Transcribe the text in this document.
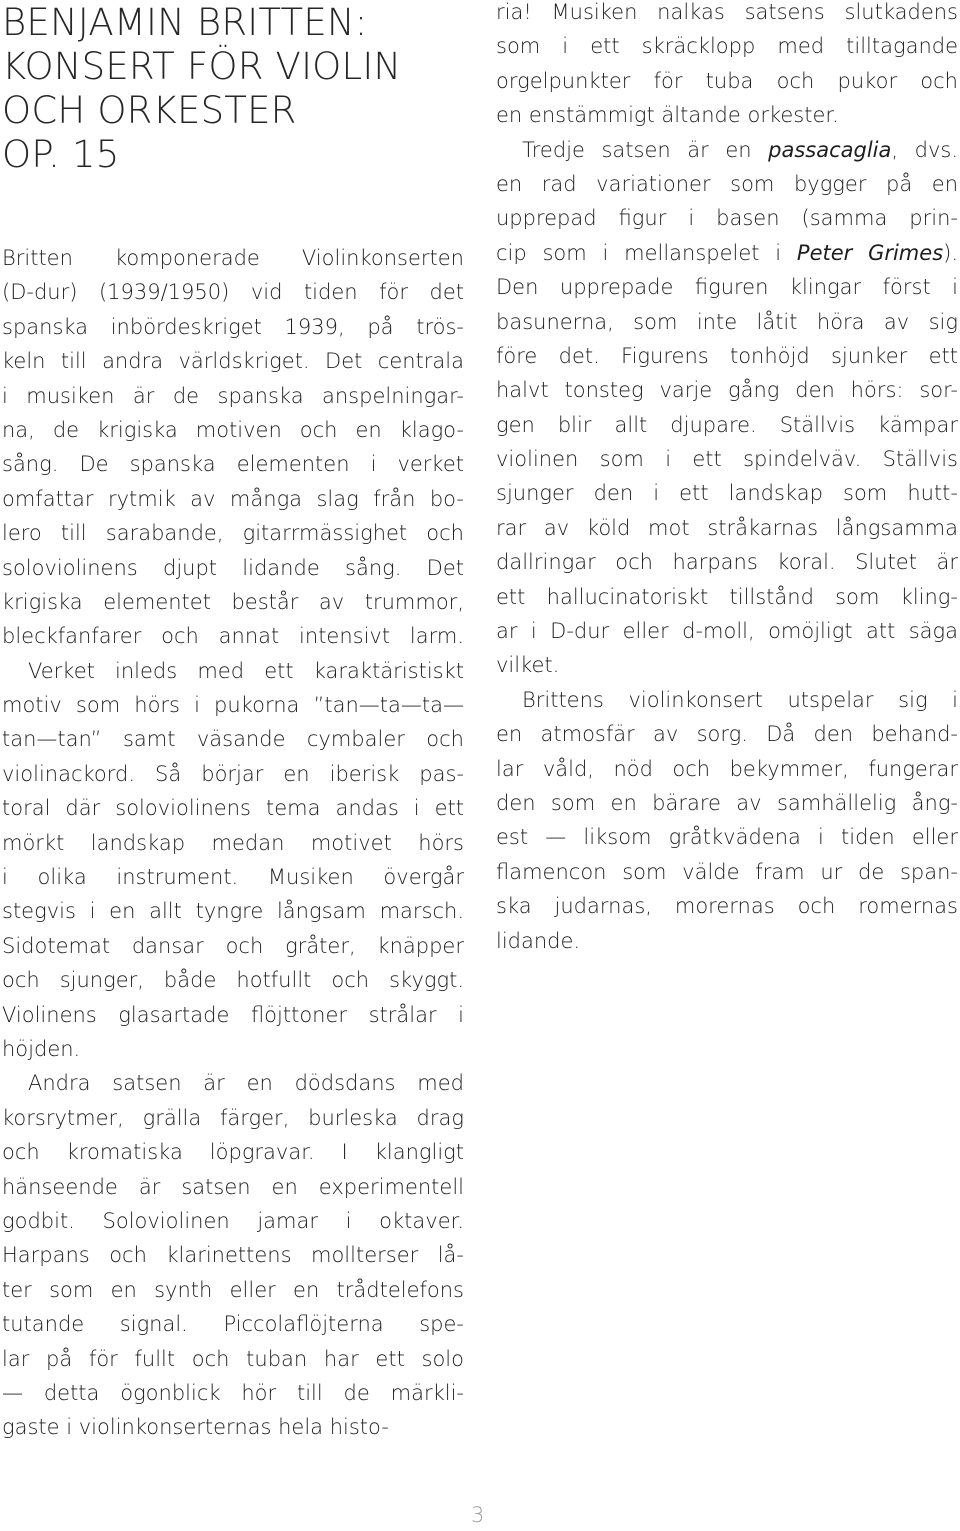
BENJAMIN BRITTEN:
KONSERT FÖR VIOLIN
OCH ORKESTER
OP. 15
Britten komponerade Violinkonserten
(D-dur) (1939/1950) vid tiden för det
spanska inbördeskriget 1939, på trös-
keln till andra världskriget. Det centrala
i musiken är de spanska anspelningar-
na, de krigiska motiven och en klago-
sång. De spanska elementen i verket
omfattar rytmik av många slag från bo-
lero till sarabande, gitarrmässighet och
soloviolinens djupt lidande sång. Det
krigiska elementet består av trummor,
bleckfanfarer och annat intensivt larm.
Verket inleds med ett karaktäristiskt
motiv som hörs i pukorna ”tan—ta—ta—
tan—tan” samt väsande cymbaler och
violinackord. Så börjar en iberisk pas-
toral där soloviolinens tema andas i ett
mörkt landskap medan motivet hörs
i olika instrument. Musiken övergår
stegvis i en allt tyngre långsam marsch.
Sidotemat dansar och gråter, knäpper
och sjunger, både hotfullt och skyggt.
Violinens glasartade flöjttoner strålar i
höjden.
Andra satsen är en dödsdans med
korsrytmer, grälla färger, burleska drag
och kromatiska löpgravar. I klangligt
hänseende är satsen en experimentell
godbit. Soloviolinen jamar i oktaver.
Harpans och klarinettens mollterser lå-
ter som en synth eller en trådtelefons
tutande signal. Piccolaflöjterna spe-
lar på för fullt och tuban har ett solo
— detta ögonblick hör till de märkli-
gaste i violinkonserternas hela histo-
ria! Musiken nalkas satsens slutkadens
som i ett skräcklopp med tilltagande
orgelpunkter för tuba och pukor och
en enstämmigt ältande orkester.
Tredje satsen är en passacaglia, dvs.
en rad variationer som bygger på en
upprepad figur i basen (samma prin-
cip som i mellanspelet i Peter Grimes).
Den upprepade figuren klingar först i
basunerna, som inte låtit höra av sig
före det. Figurens tonhöjd sjunker ett
halvt tonsteg varje gång den hörs: sor-
gen blir allt djupare. Ställvis kämpar
violinen som i ett spindelväv. Ställvis
sjunger den i ett landskap som hutt-
rar av köld mot stråkarnas långsamma
dallringar och harpans koral. Slutet är
ett hallucinatoriskt tillstånd som kling-
ar i D-dur eller d-moll, omöjligt att säga
vilket.
Brittens violinkonsert utspelar sig i
en atmosfär av sorg. Då den behand-
lar våld, nöd och bekymmer, fungerar
den som en bärare av samhällelig ång-
est — liksom gråtkvädena i tiden eller
flamencon som välde fram ur de span-
ska judarnas, morernas och romernas
lidande.
3
